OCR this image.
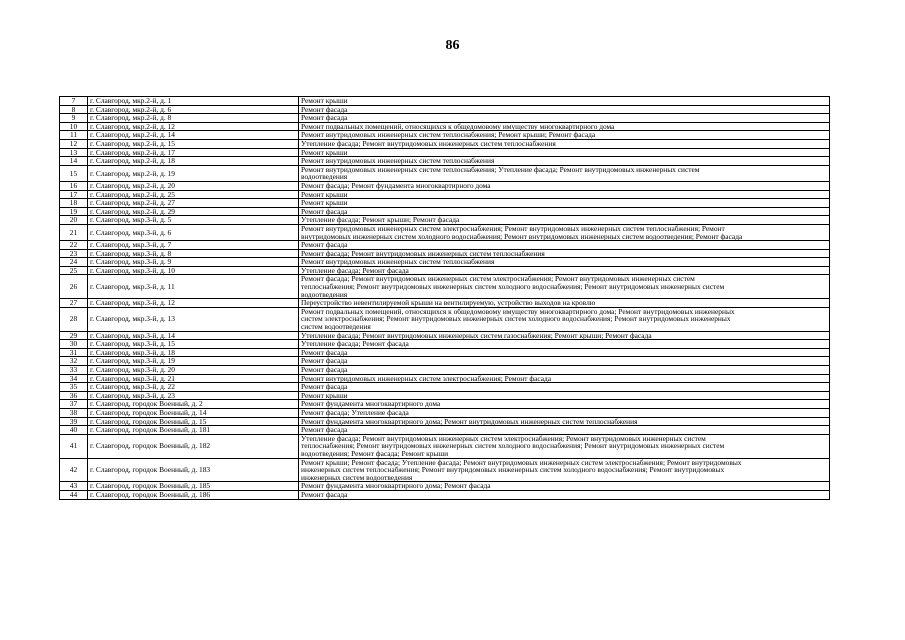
86
7	г. Славгород, мкр.2-й, д. 1	Ремонт крыши

8	г. Славгород, мкр.2-й, д. 6	Ремонт фасада

9	г. Славгород, мкр.2-й, д. 8	Ремонт фасада

10	г. Славгород, мкр.2-й, д. 12	Ремонт подвальных помещений, относящихся к общедомовому имуществу многоквартирного дома

11	г. Славгород, мкр.2-й, д. 14	Ремонт внутридомовых инженерных систем теплоснабжения; Ремонт крыши; Ремонт фасада

12	г. Славгород, мкр.2-й, д. 15	Утепление фасада; Ремонт внутридомовых инженерных систем теплоснабжения

13	г. Славгород, мкр.2-й, д. 17	Ремонт крыши

14	г. Славгород, мкр.2-й, д. 18	Ремонт внутридомовых инженерных систем теплоснабжения

15	г. Славгород, мкр.2-й, д. 19	Ремонт внутридомовых инженерных систем теплоснабжения; Утепление фасада; Ремонт внутридомовых инженерных систем
водоотведения

16	г. Славгород, мкр.2-й, д. 20	Ремонт фасада; Ремонт фундамента многоквартирного дома

17	г. Славгород, мкр.2-й, д. 25	Ремонт крыши

18	г. Славгород, мкр.2-й, д. 27	Ремонт крыши

19	г. Славгород, мкр.2-й, д. 29	Ремонт фасада

20	г. Славгород, мкр.3-й, д. 5	Утепление фасада; Ремонт крыши; Ремонт фасада

21	г. Славгород, мкр.3-й, д. 6	Ремонт внутридомовых инженерных систем электроснабжения; Ремонт внутридомовых инженерных систем теплоснабжения; Ремонт
внутридомовых инженерных систем холодного водоснабжения; Ремонт внутридомовых инженерных систем водоотведения; Ремонт фасада

22	г. Славгород, мкр.3-й, д. 7	Ремонт фасада

23	г. Славгород, мкр.3-й, д. 8	Ремонт фасада; Ремонт внутридомовых инженерных систем теплоснабжения

24	г. Славгород, мкр.3-й, д. 9	Ремонт внутридомовых инженерных систем теплоснабжения

25	г. Славгород, мкр.3-й, д. 10	Утепление фасада; Ремонт фасада

26	г. Славгород, мкр.3-й, д. 11	Ремонт фасада; Ремонт внутридомовых инженерных систем электроснабжения; Ремонт внутридомовых инженерных систем
теплоснабжения; Ремонт внутридомовых инженерных систем холодного водоснабжения; Ремонт внутридомовых инженерных систем
водоотведения

27	г. Славгород, мкр.3-й, д. 12	Переустройство невентилируемой крыши на вентилируемую, устройство выходов на кровлю

28	г. Славгород, мкр.3-й, д. 13	Ремонт подвальных помещений, относящихся к общедомовому имуществу многоквартирного дома; Ремонт внутридомовых инженерных
систем электроснабжения; Ремонт внутридомовых инженерных систем холодного водоснабжения; Ремонт внутридомовых инженерных
систем водоотведения

29	г. Славгород, мкр.3-й, д. 14	Утепление фасада; Ремонт внутридомовых инженерных систем газоснабжения; Ремонт крыши; Ремонт фасада

30	г. Славгород, мкр.3-й, д. 15	Утепление фасада; Ремонт фасада

31	г. Славгород, мкр.3-й, д. 18	Ремонт фасада

32	г. Славгород, мкр.3-й, д. 19	Ремонт фасада

33	г. Славгород, мкр.3-й, д. 20	Ремонт фасада

34	г. Славгород, мкр.3-й, д. 21	Ремонт внутридомовых инженерных систем электроснабжения; Ремонт фасада

35	г. Славгород, мкр.3-й, д. 22	Ремонт фасада

36	г. Славгород, мкр.3-й, д. 23	Ремонт крыши

37	г. Славгород, городок Военный, д. 2	Ремонт фундамента многоквартирного дома

38	г. Славгород, городок Военный, д. 14	Ремонт фасада; Утепление фасада

39	г. Славгород, городок Военный, д. 15	Ремонт фундамента многоквартирного дома; Ремонт внутридомовых инженерных систем теплоснабжения

40	г. Славгород, городок Военный, д. 181	Ремонт фасада

41	г. Славгород, городок Военный, д. 182	Утепление фасада; Ремонт внутридомовых инженерных систем электроснабжения; Ремонт внутридомовых инженерных систем
теплоснабжения; Ремонт внутридомовых инженерных систем холодного водоснабжения; Ремонт внутридомовых инженерных систем
водоотведения; Ремонт фасада; Ремонт крыши

42	г. Славгород, городок Военный, д. 183	Ремонт крыши; Ремонт фасада; Утепление фасада; Ремонт внутридомовых инженерных систем электроснабжения; Ремонт внутридомовых
инженерных систем теплоснабжения; Ремонт внутридомовых инженерных систем холодного водоснабжения; Ремонт внутридомовых
инженерных систем водоотведения

43	г. Славгород, городок Военный, д. 185	Ремонт фундамента многоквартирного дома; Ремонт фасада

44	г. Славгород, городок Военный, д. 186	Ремонт фасада
